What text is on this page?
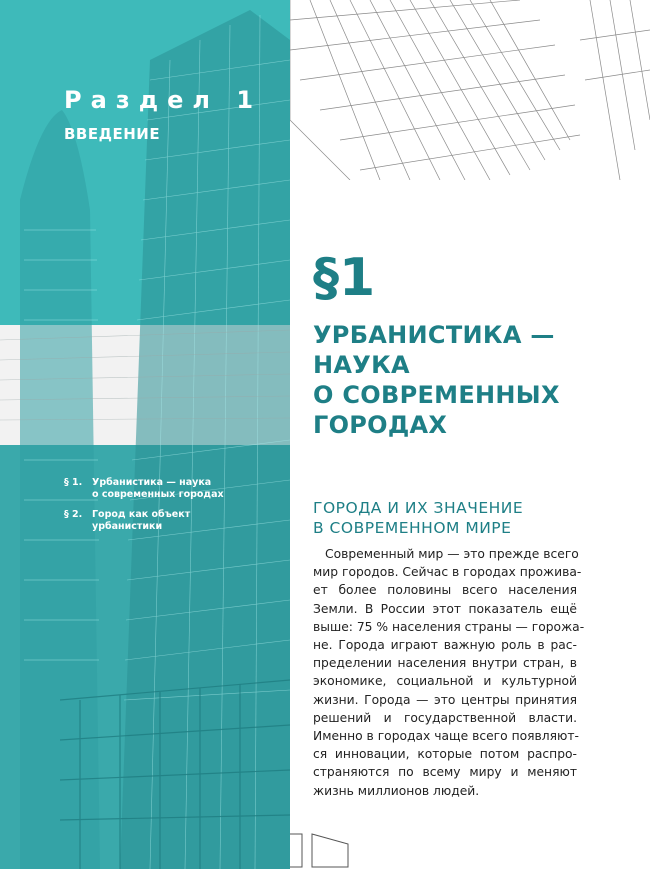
Раздел 1
ВВЕДЕНИЕ
§ 1.	Урбанистика — наука
о современных городах
§ 2.	Город как объект
урбанистики
§1
УРБАНИСТИКА —
НАУКА
О СОВРЕМЕННЫХ
ГОРОДАХ
ГОРОДА И ИХ ЗНАЧЕНИЕ
В СОВРЕМЕННОМ МИРЕ
Современный мир — это прежде всего
мир городов. Сейчас в городах прожива-
ет более половины всего населения
Земли. В России этот показатель ещё
выше: 75 % населения страны — горожа-
не. Города играют важную роль в рас-
пределении населения внутри стран, в
экономике, социальной и культурной
жизни. Города — это центры принятия
решений и государственной власти.
Именно в городах чаще всего появляют-
ся инновации, которые потом распро-
страняются по всему миру и меняют
жизнь миллионов людей.
